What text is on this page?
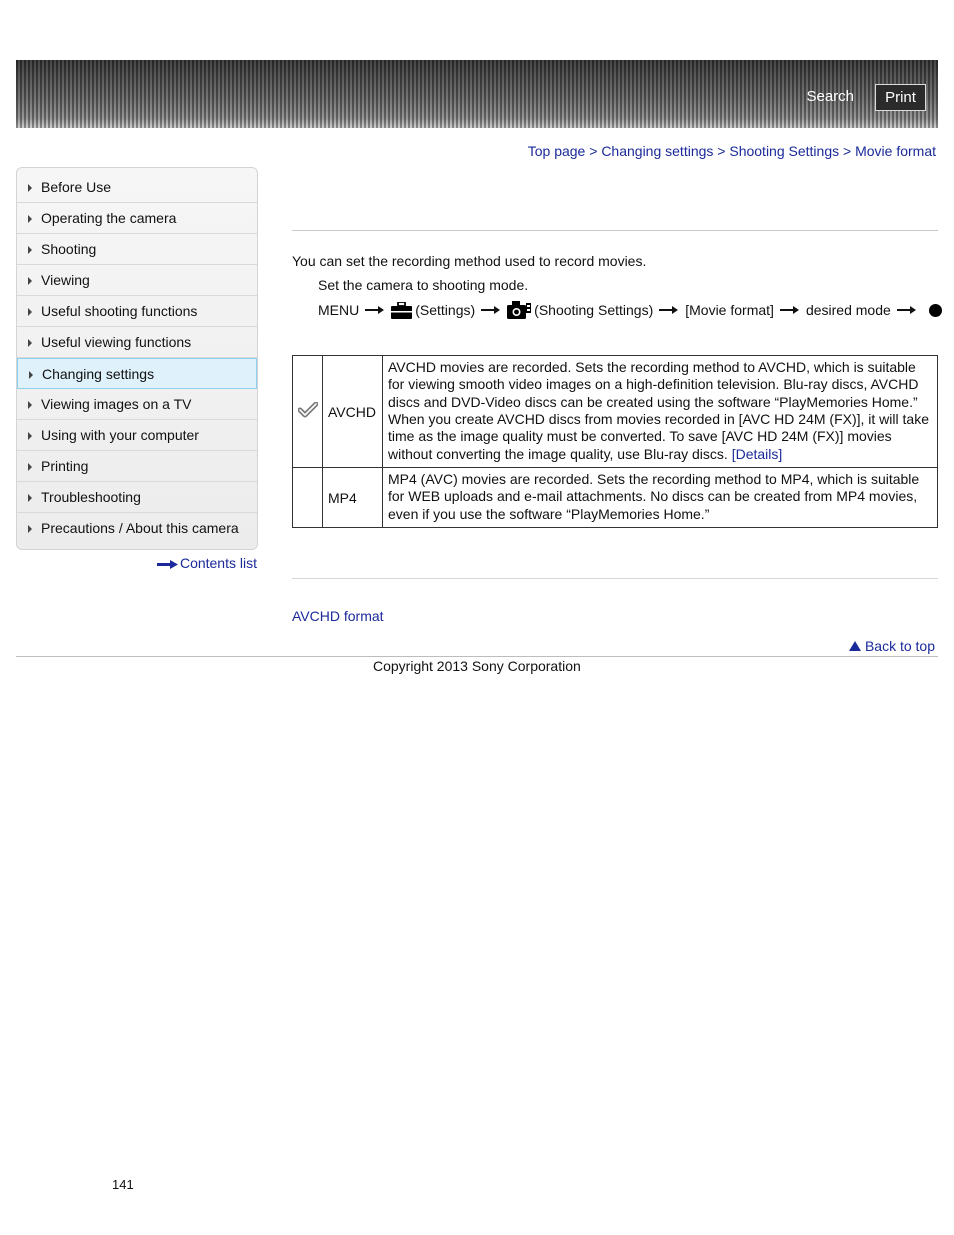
Search	Print
Top page > Changing settings > Shooting Settings > Movie format
Before Use
Operating the camera
Shooting
Viewing
Useful shooting functions
Useful viewing functions
Changing settings
Viewing images on a TV
Using with your computer
Printing
Troubleshooting
Precautions / About this camera
Contents list
You can set the recording method used to record movies.
Set the camera to shooting mode.
MENU	(Settings)	(Shooting Settings) [Movie format] desired mode
	AVCHD	AVCHD movies are recorded. Sets the recording method to AVCHD, which is suitable for viewing smooth video images on a high-definition television. Blu-ray discs, AVCHD discs and DVD-Video discs can be created using the software “PlayMemories Home.” When you create AVCHD discs from movies recorded in [AVC HD 24M (FX)], it will take time as the image quality must be converted. To save [AVC HD 24M (FX)] movies without converting the image quality, use Blu-ray discs. [Details]
	MP4	MP4 (AVC) movies are recorded. Sets the recording method to MP4, which is suitable for WEB uploads and e-mail attachments. No discs can be created from MP4 movies, even if you use the software “PlayMemories Home.”
AVCHD format
Back to top
Copyright 2013 Sony Corporation
141
